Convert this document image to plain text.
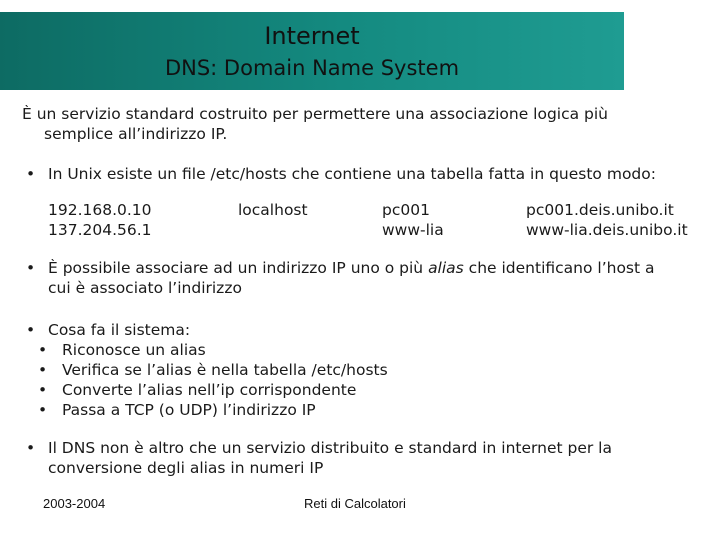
Internet
DNS: Domain Name System

È un servizio standard costruito per permettere una associazione logica più

semplice all’indirizzo IP.

• In Unix esiste un file /etc/hosts che contiene una tabella fatta in questo modo:
192.168.0.10
137.204.56.1
localhost	pc001
www-lia
pc001.deis.unibo.it
www-lia.deis.unibo.it
• È possibile associare ad un indirizzo IP uno o più alias che identificano l’host a
cui è associato l’indirizzo
• Cosa fa il sistema:
• Riconosce un alias
• Verifica se l’alias è nella tabella /etc/hosts
• Converte l’alias nell’ip corrispondente
• Passa a TCP (o UDP) l’indirizzo IP
• Il DNS non è altro che un servizio distribuito e standard in internet per la
conversione degli alias in numeri IP
2003-2004	Reti di Calcolatori
